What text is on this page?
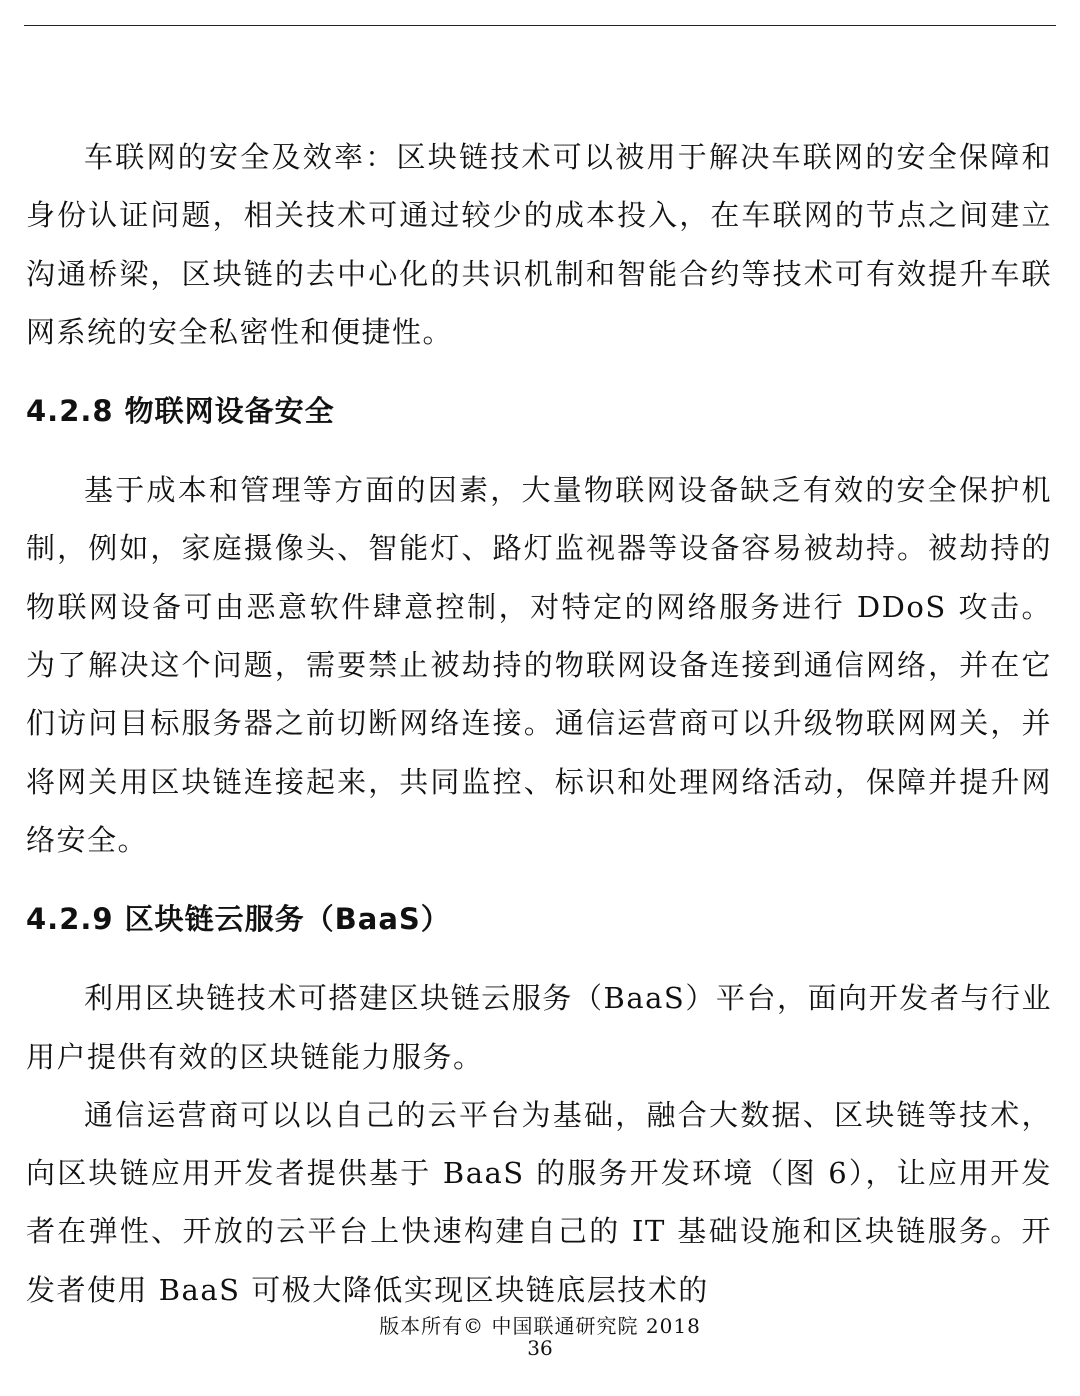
车联网的安全及效率：区块链技术可以被用于解决车联网的安全保障和身份认证问题，相关技术可通过较少的成本投入，在车联网的节点之间建立沟通桥梁，区块链的去中心化的共识机制和智能合约等技术可有效提升车联网系统的安全私密性和便捷性。

4.2.8 物联网设备安全

基于成本和管理等方面的因素，大量物联网设备缺乏有效的安全保护机制，例如，家庭摄像头、智能灯、路灯监视器等设备容易被劫持。被劫持的物联网设备可由恶意软件肆意控制，对特定的网络服务进行 DDoS 攻击。为了解决这个问题，需要禁止被劫持的物联网设备连接到通信网络，并在它们访问目标服务器之前切断网络连接。通信运营商可以升级物联网网关，并将网关用区块链连接起来，共同监控、标识和处理网络活动，保障并提升网络安全。

4.2.9 区块链云服务（BaaS）

利用区块链技术可搭建区块链云服务（BaaS）平台，面向开发者与行业用户提供有效的区块链能力服务。

通信运营商可以以自己的云平台为基础，融合大数据、区块链等技术，向区块链应用开发者提供基于 BaaS 的服务开发环境（图 6），让应用开发者在弹性、开放的云平台上快速构建自己的 IT 基础设施和区块链服务。开发者使用 BaaS 可极大降低实现区块链底层技术的

版本所有© 中国联通研究院 2018
36
